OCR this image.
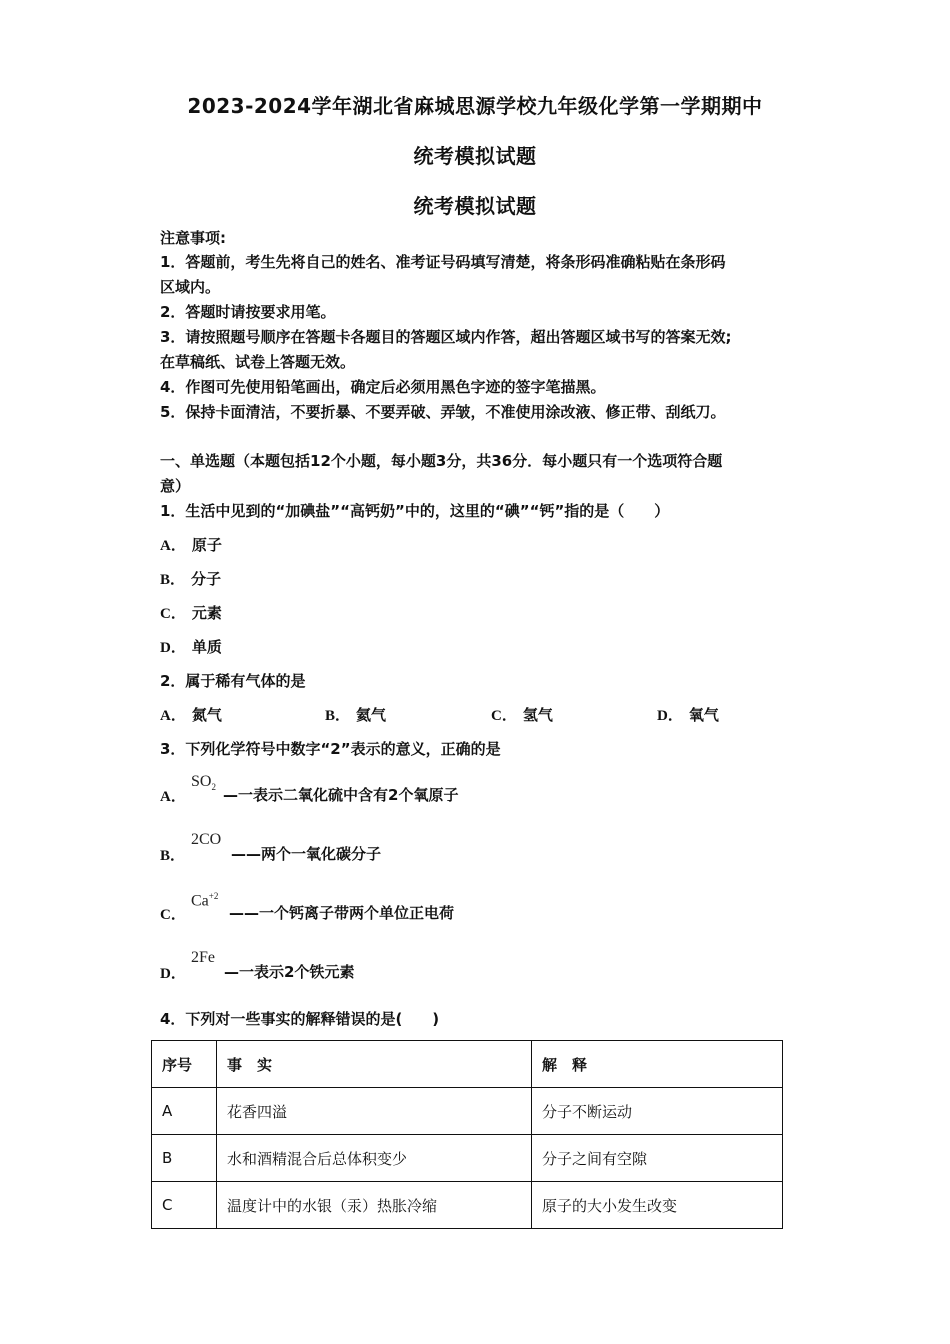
2023-2024学年湖北省麻城思源学校九年级化学第一学期期中
统考模拟试题
统考模拟试题
注意事项:
1．答题前，考生先将自己的姓名、准考证号码填写清楚，将条形码准确粘贴在条形码
区域内。
2．答题时请按要求用笔。
3．请按照题号顺序在答题卡各题目的答题区域内作答，超出答题区域书写的答案无效;
在草稿纸、试卷上答题无效。
4．作图可先使用铅笔画出，确定后必须用黑色字迹的签字笔描黑。
5．保持卡面清洁，不要折暴、不要弄破、弄皱，不准使用涂改液、修正带、刮纸刀。
一、单选题（本题包括12个小题，每小题3分，共36分．每小题只有一个选项符合题
意）
1．生活中见到的“加碘盐”“高钙奶”中的，这里的“碘”“钙”指的是（　　）
A． 原子
B． 分子
C． 元素
D． 单质
2．属于稀有气体的是
A． 氮气	B． 氦气	C． 氢气	D． 氧气
3．下列化学符号中数字“2”表示的意义，正确的是
A．
$SO_2$ —一表示二氧化硫中含有2个氧原子
B．
2CO
——两个一氧化碳分子
C．
$Ca^{+2}$
——一个钙离子带两个单位正电荷
D．
2Fe
—一表示2个铁元素
4．下列对一些事实的解释错误的是(　　)
序号	事　实	解　释
A	花香四溢	分子不断运动
B	水和酒精混合后总体积变少	分子之间有空隙
C	温度计中的水银（汞）热胀冷缩	原子的大小发生改变
